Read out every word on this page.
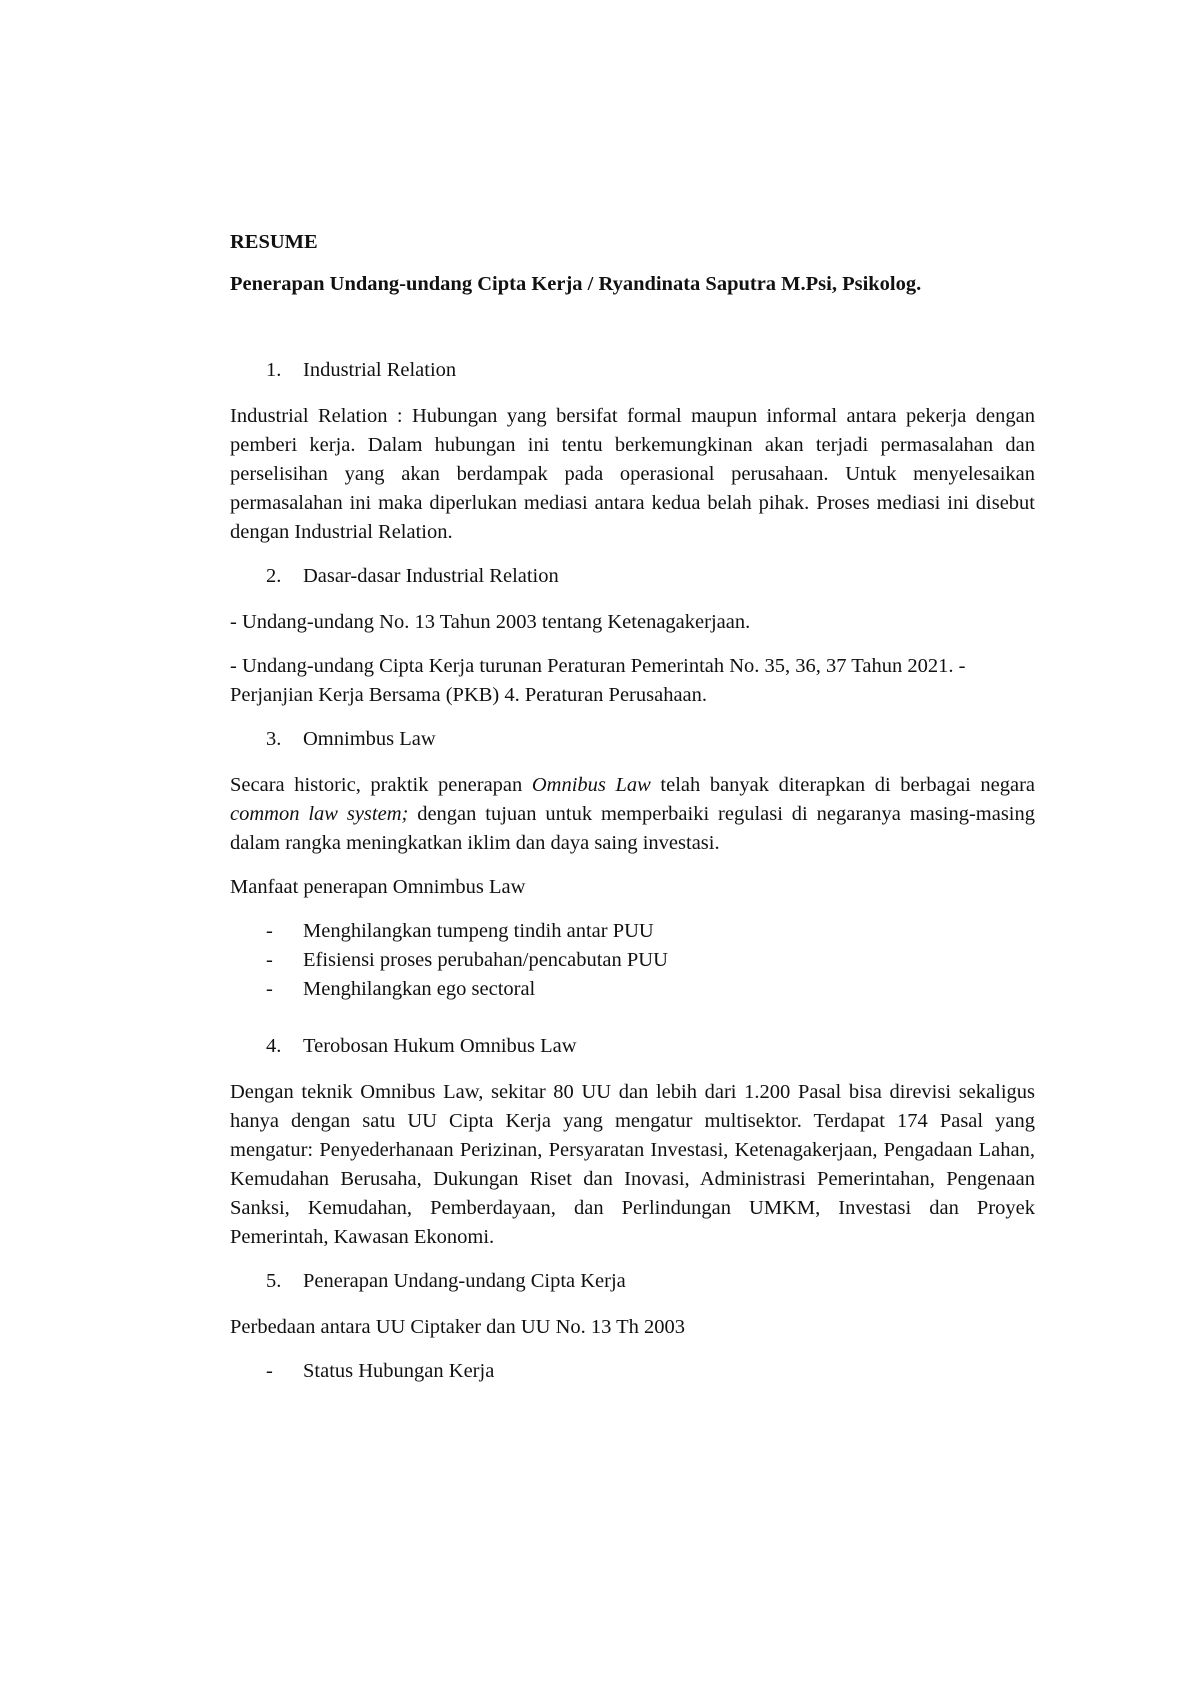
RESUME

Penerapan Undang-undang Cipta Kerja / Ryandinata Saputra M.Psi, Psikolog.

1.	Industrial Relation

Industrial Relation : Hubungan yang bersifat formal maupun informal antara pekerja dengan pemberi kerja. Dalam hubungan ini tentu berkemungkinan akan terjadi permasalahan dan perselisihan yang akan berdampak pada operasional perusahaan. Untuk menyelesaikan permasalahan ini maka diperlukan mediasi antara kedua belah pihak. Proses mediasi ini disebut dengan Industrial Relation.

2.	Dasar-dasar Industrial Relation

- Undang-undang No. 13 Tahun 2003 tentang Ketenagakerjaan.

- Undang-undang Cipta Kerja turunan Peraturan Pemerintah No. 35, 36, 37 Tahun 2021. - Perjanjian Kerja Bersama (PKB) 4. Peraturan Perusahaan.

3.	Omnimbus Law

Secara historic, praktik penerapan Omnibus Law telah banyak diterapkan di berbagai negara common law system; dengan tujuan untuk memperbaiki regulasi di negaranya masing-masing dalam rangka meningkatkan iklim dan daya saing investasi.

Manfaat penerapan Omnimbus Law

-	Menghilangkan tumpeng tindih antar PUU
-	Efisiensi proses perubahan/pencabutan PUU
-	Menghilangkan ego sectoral
4.	Terobosan Hukum Omnibus Law

Dengan teknik Omnibus Law, sekitar 80 UU dan lebih dari 1.200 Pasal bisa direvisi sekaligus hanya dengan satu UU Cipta Kerja yang mengatur multisektor. Terdapat 174 Pasal yang mengatur: Penyederhanaan Perizinan, Persyaratan Investasi, Ketenagakerjaan, Pengadaan Lahan, Kemudahan Berusaha, Dukungan Riset dan Inovasi, Administrasi Pemerintahan, Pengenaan Sanksi, Kemudahan, Pemberdayaan, dan Perlindungan UMKM, Investasi dan Proyek Pemerintah, Kawasan Ekonomi.

5.	Penerapan Undang-undang Cipta Kerja

Perbedaan antara UU Ciptaker dan UU No. 13 Th 2003

-	Status Hubungan Kerja
